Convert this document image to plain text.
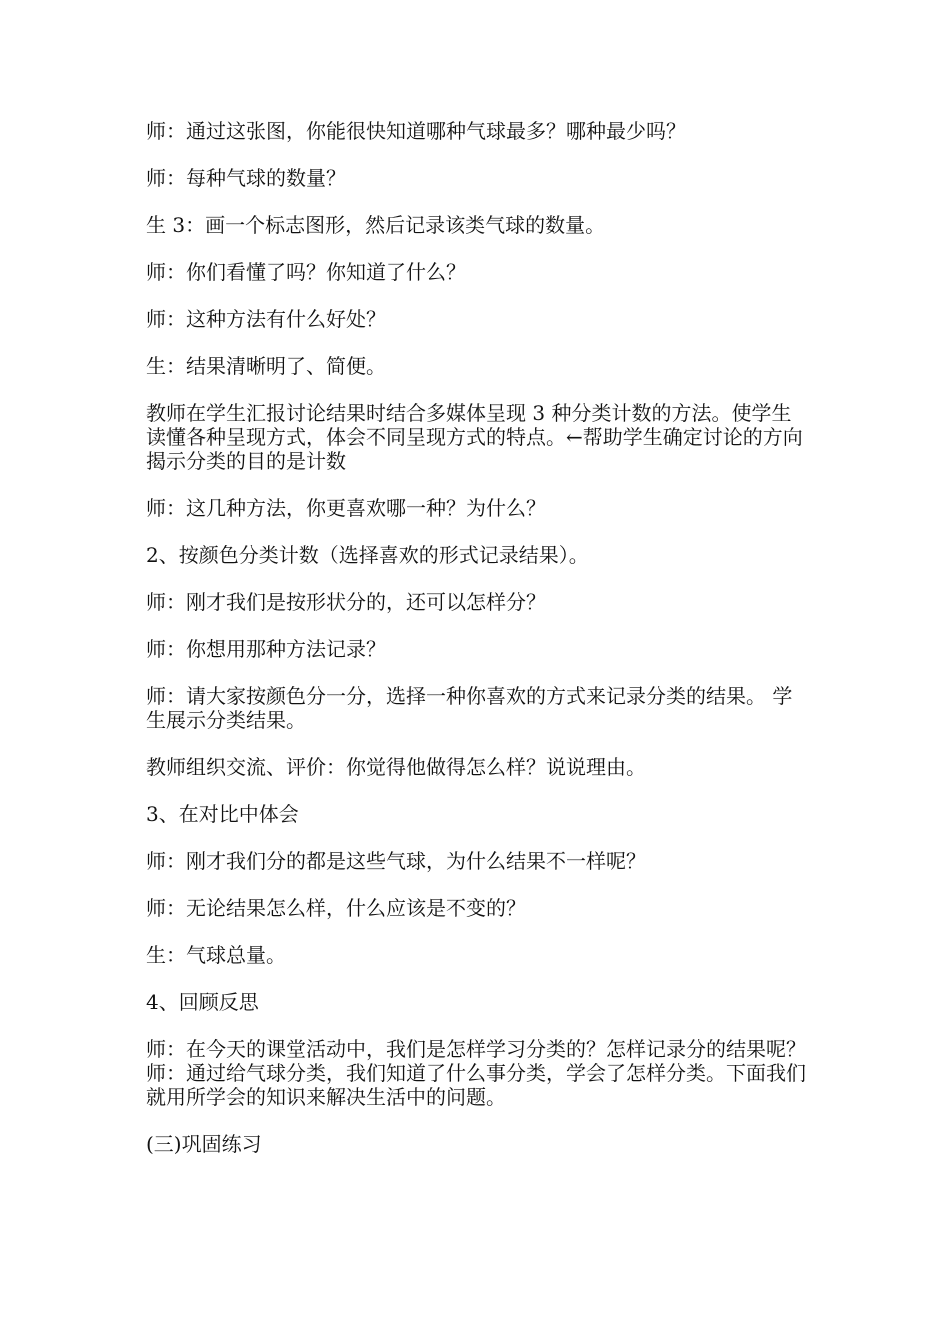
师：通过这张图，你能很快知道哪种气球最多？哪种最少吗？

师：每种气球的数量？

生 3：画一个标志图形，然后记录该类气球的数量。

师：你们看懂了吗？你知道了什么？

师：这种方法有什么好处？

生：结果清晰明了、简便。

教师在学生汇报讨论结果时结合多媒体呈现 3 种分类计数的方法。使学生读懂各种呈现方式，体会不同呈现方式的特点。←帮助学生确定讨论的方向揭示分类的目的是计数

师：这几种方法，你更喜欢哪一种？为什么？

2、按颜色分类计数（选择喜欢的形式记录结果）。

师：刚才我们是按形状分的，还可以怎样分？

师：你想用那种方法记录？

师：请大家按颜色分一分，选择一种你喜欢的方式来记录分类的结果。 学生展示分类结果。

教师组织交流、评价：你觉得他做得怎么样？说说理由。

3、在对比中体会

师：刚才我们分的都是这些气球，为什么结果不一样呢？

师：无论结果怎么样，什么应该是不变的？

生：气球总量。

4、回顾反思

师：在今天的课堂活动中，我们是怎样学习分类的？怎样记录分的结果呢？ 师：通过给气球分类，我们知道了什么事分类，学会了怎样分类。下面我们就用所学会的知识来解决生活中的问题。

(三)巩固练习
